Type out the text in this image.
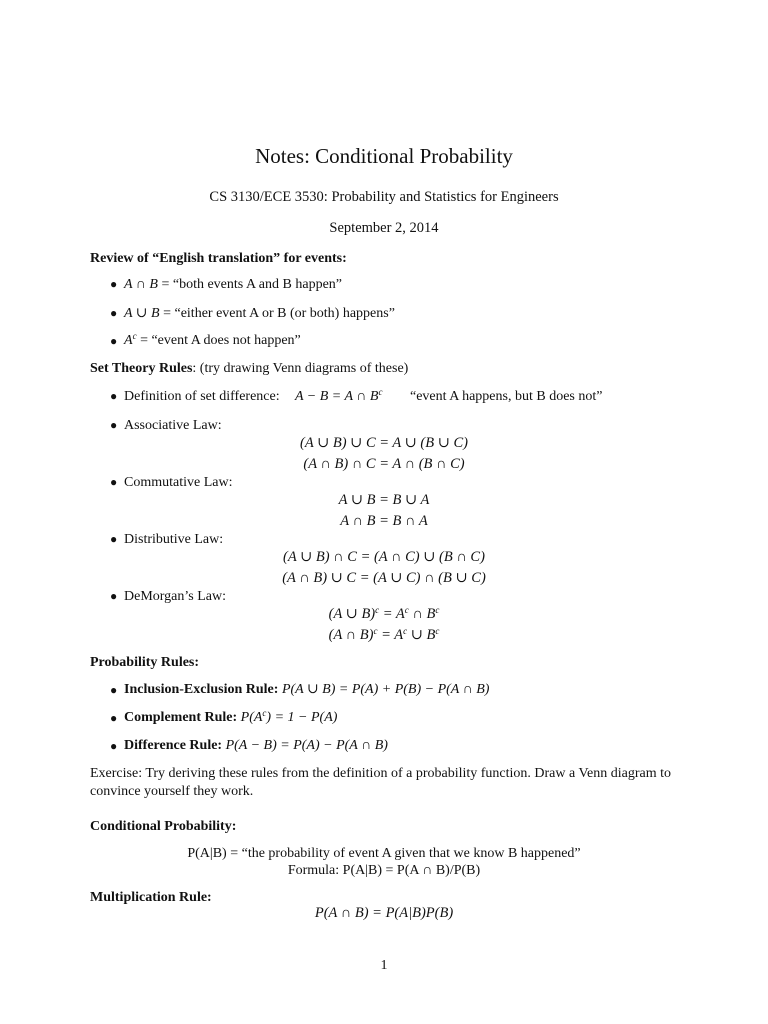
Notes: Conditional Probability
CS 3130/ECE 3530: Probability and Statistics for Engineers
September 2, 2014
Review of “English translation” for events:
● A ∩ B = “both events A and B happen”
● A ∪ B = “either event A or B (or both) happens”
● $A^c$ = “event A does not happen”
Set Theory Rules: (try drawing Venn diagrams of these)
● Definition of set difference: A − B = A ∩ $B^c$ “event A happens, but B does not”
● Associative Law:
(A ∪ B) ∪ C = A ∪ (B ∪ C)
(A ∩ B) ∩ C = A ∩ (B ∩ C)
● Commutative Law:
A ∪ B = B ∪ A
A ∩ B = B ∩ A
● Distributive Law:
(A ∪ B) ∩ C = (A ∩ C) ∪ (B ∩ C)
(A ∩ B) ∪ C = (A ∪ C) ∩ (B ∪ C)
● DeMorgan’s Law:
(A ∪ $B)^c = A^c$ ∩ $B^c$
(A ∩ $B)^c = A^c$ ∪ $B^c$
Probability Rules:
● Inclusion-Exclusion Rule: P(A ∪ B) = P(A) + P(B) − P(A ∩ B)
● Complement Rule: $P(A^c) = 1 - P(A)$
● Difference Rule: P(A − B) = P(A) − P(A ∩ B)
Exercise: Try deriving these rules from the definition of a probability function. Draw a Venn diagram to convince yourself they work.
Conditional Probability:
P(A|B) = “the probability of event A given that we know B happened”
Formula: P(A|B) = P(A ∩ B)/P(B)
Multiplication Rule:
P(A ∩ B) = P(A|B)P(B)
1
